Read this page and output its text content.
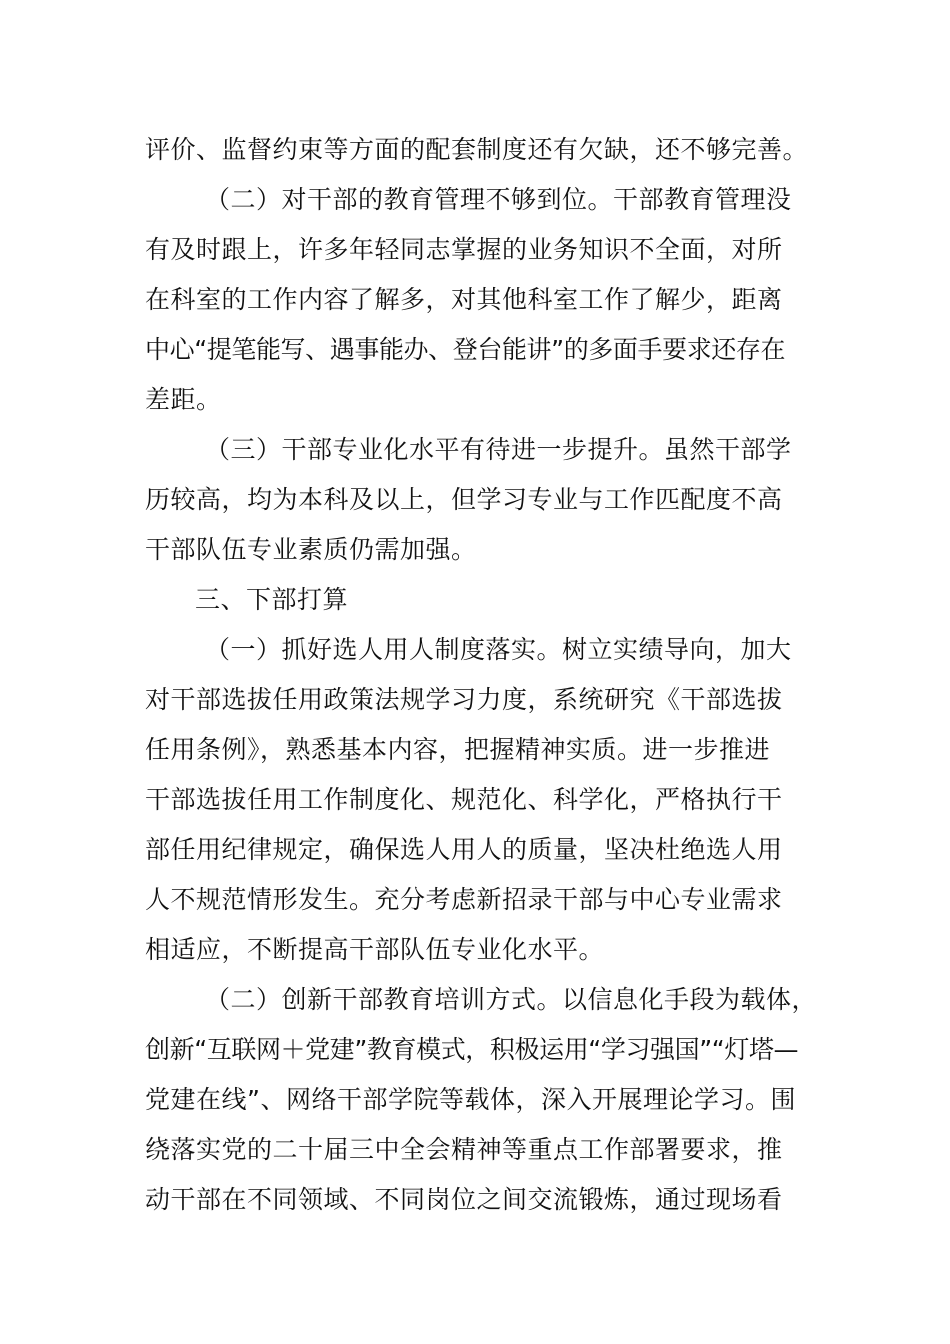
评价、监督约束等方面的配套制度还有欠缺，还不够完善。
（二）对干部的教育管理不够到位。干部教育管理没
有及时跟上，许多年轻同志掌握的业务知识不全面，对所
在科室的工作内容了解多，对其他科室工作了解少，距离
中心“提笔能写、遇事能办、登台能讲”的多面手要求还存在
差距。
（三）干部专业化水平有待进一步提升。虽然干部学
历较高，均为本科及以上，但学习专业与工作匹配度不高
干部队伍专业素质仍需加强。
三、下部打算
（一）抓好选人用人制度落实。树立实绩导向，加大
对干部选拔任用政策法规学习力度，系统研究《干部选拔
任用条例》，熟悉基本内容，把握精神实质。进一步推进
干部选拔任用工作制度化、规范化、科学化，严格执行干
部任用纪律规定，确保选人用人的质量，坚决杜绝选人用
人不规范情形发生。充分考虑新招录干部与中心专业需求
相适应，不断提高干部队伍专业化水平。
（二）创新干部教育培训方式。以信息化手段为载体，
创新“互联网＋党建”教育模式，积极运用“学习强国”“灯塔—
党建在线”、网络干部学院等载体，深入开展理论学习。围
绕落实党的二十届三中全会精神等重点工作部署要求，推
动干部在不同领域、不同岗位之间交流锻炼，通过现场看
